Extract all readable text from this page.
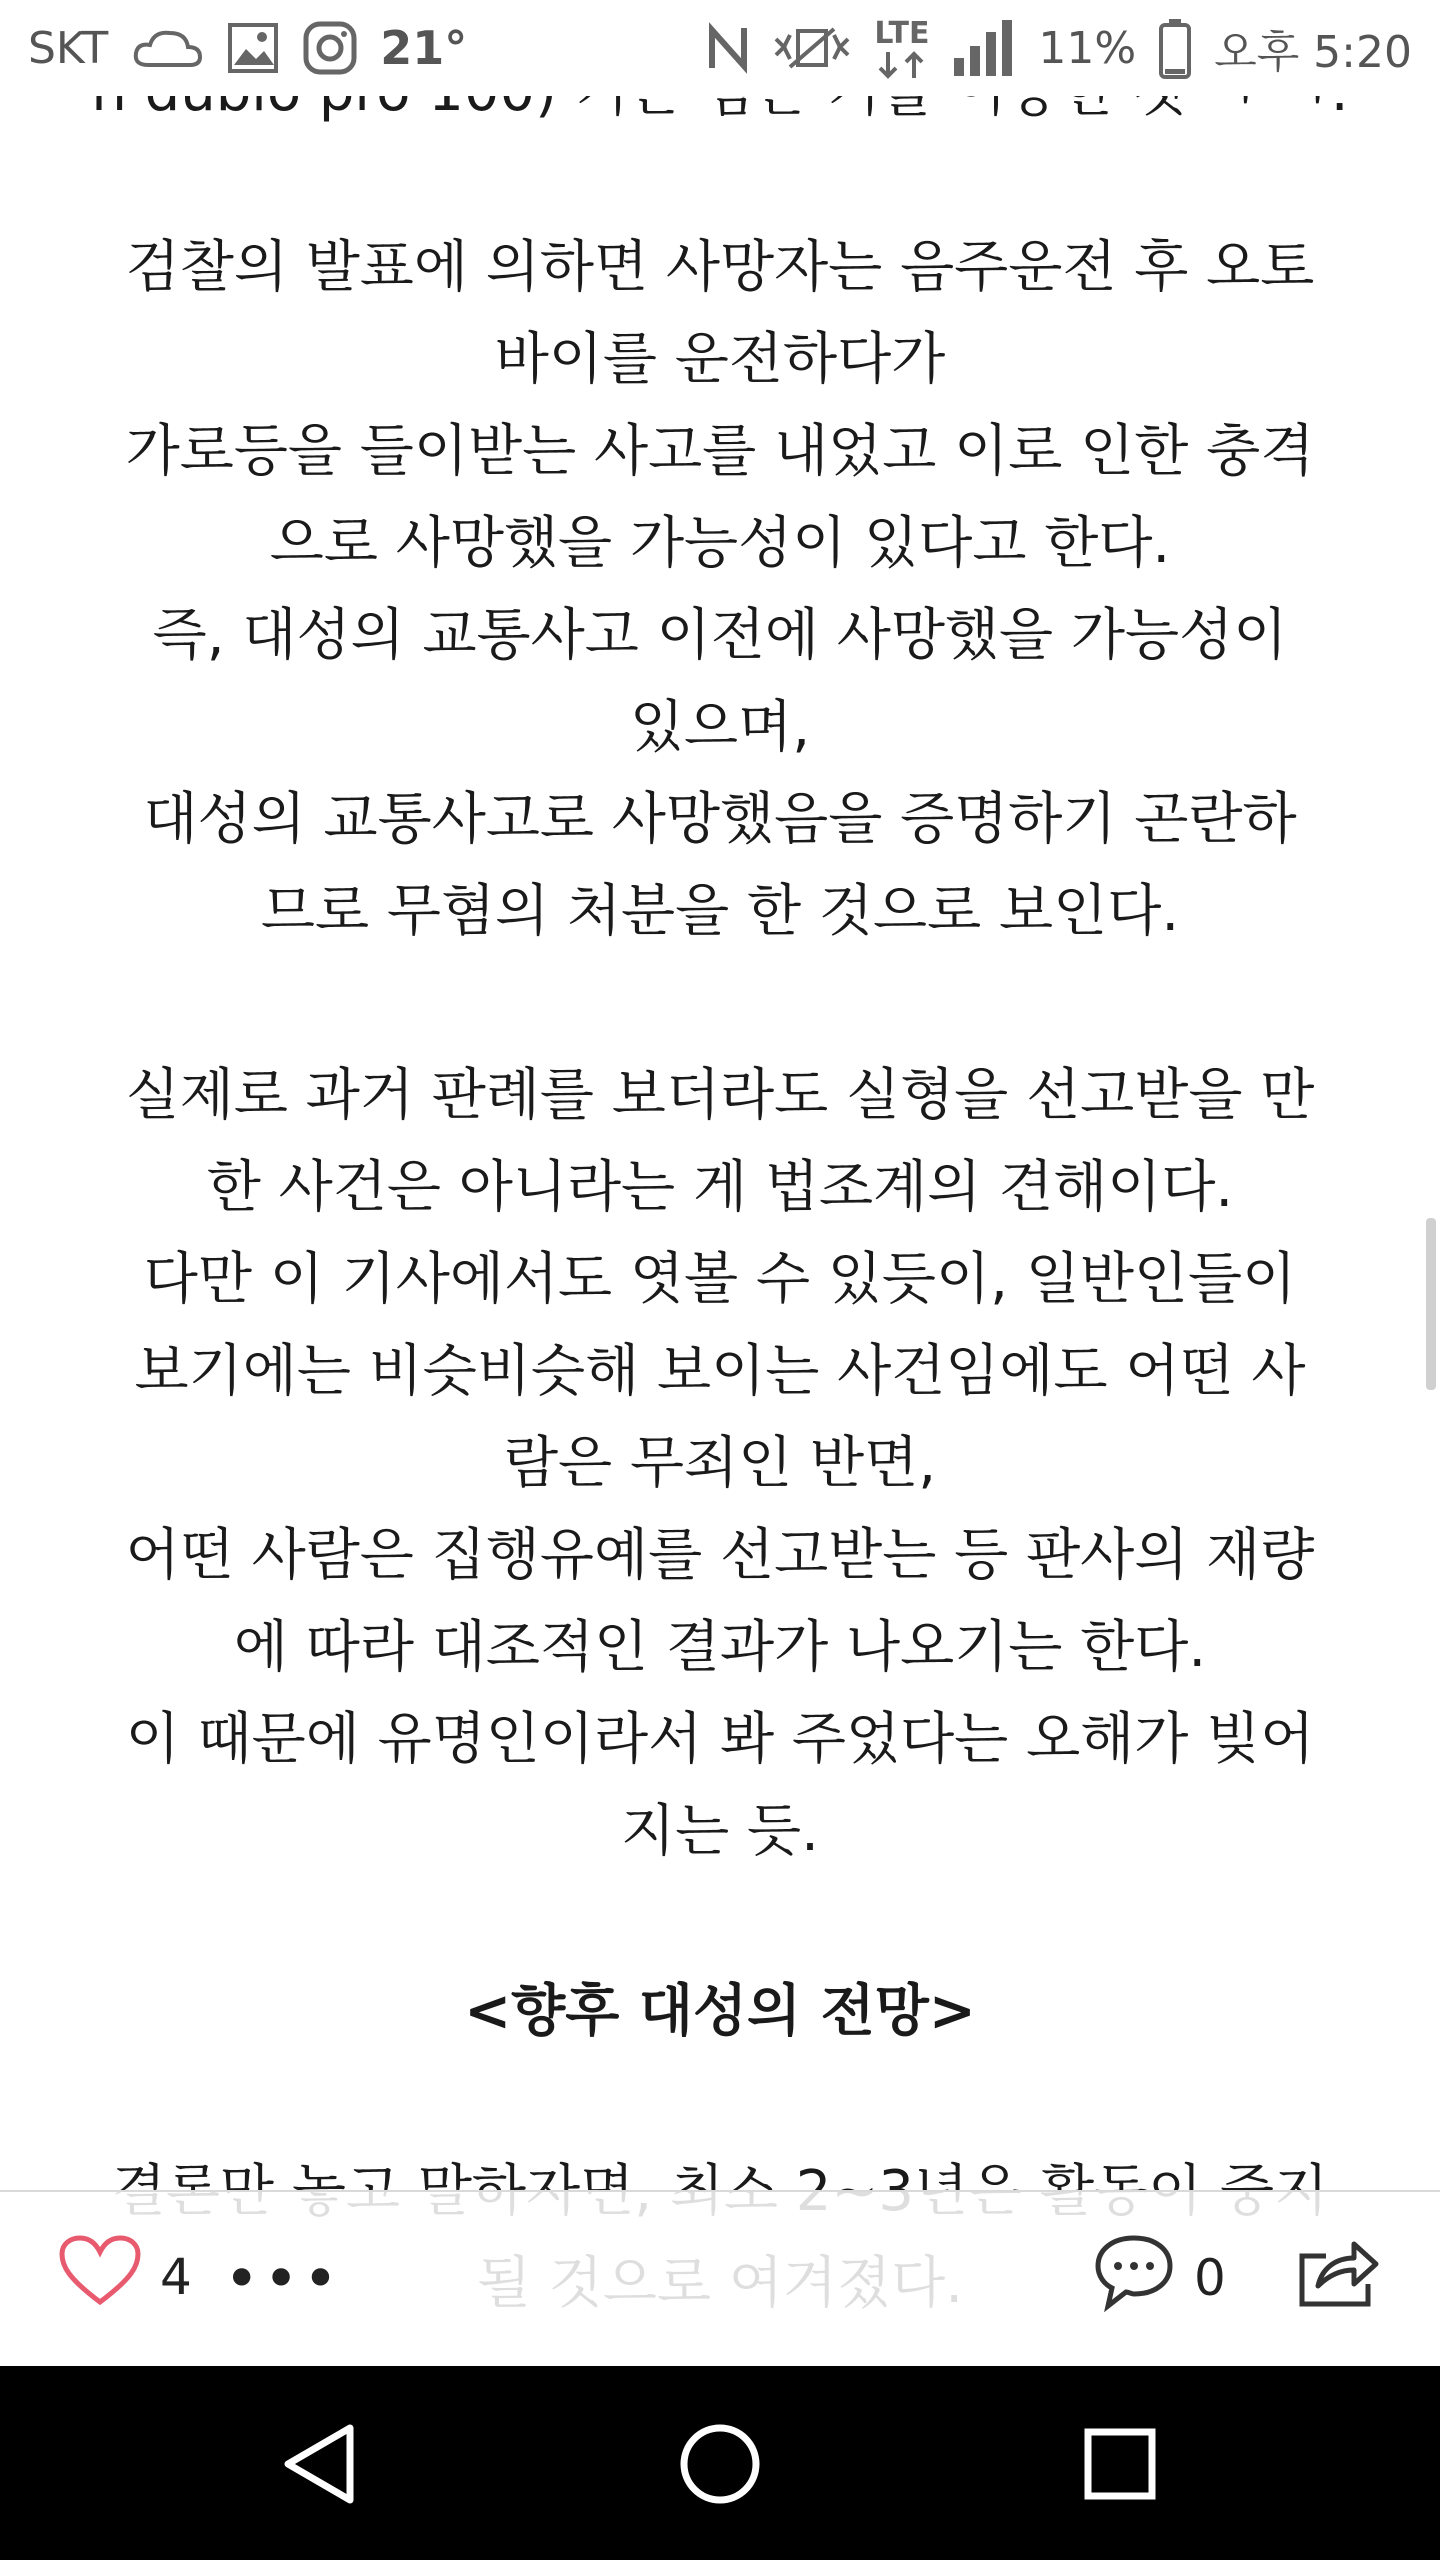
SKT	21°	LTE 11% 오후 5:20
검찰의 발표에 의하면 사망자는 음주운전 후 오토
바이를 운전하다가
가로등을 들이받는 사고를 내었고 이로 인한 충격
으로 사망했을 가능성이 있다고 한다.
즉, 대성의 교통사고 이전에 사망했을 가능성이
있으며,
대성의 교통사고로 사망했음을 증명하기 곤란하
므로 무혐의 처분을 한 것으로 보인다.
실제로 과거 판례를 보더라도 실형을 선고받을 만
한 사건은 아니라는 게 법조계의 견해이다.
다만 이 기사에서도 엿볼 수 있듯이, 일반인들이
보기에는 비슷비슷해 보이는 사건임에도 어떤 사
람은 무죄인 반면,
어떤 사람은 집행유예를 선고받는 등 판사의 재량
에 따라 대조적인 결과가 나오기는 한다.
이 때문에 유명인이라서 봐 주었다는 오해가 빚어
지는 듯.
<향후 대성의 전망>
4 •••	0
